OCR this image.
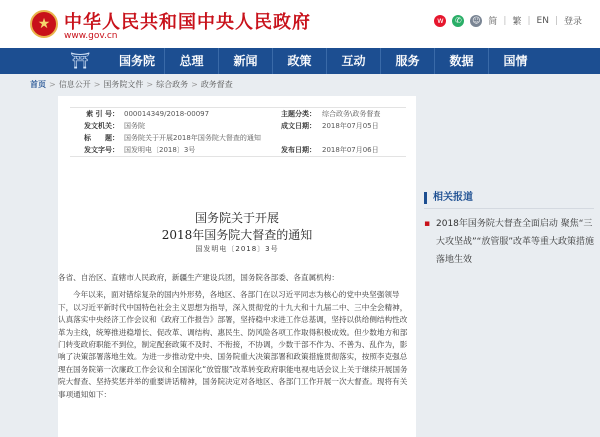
★ 中华人民共和国中央人民政府
www.gov.cn
w	✆	☺ 简 | 繁 | EN | 登录
⛩	国务院	总理	新闻	政策	互动	服务	数据	国情
首页 > 信息公开 > 国务院文件 > 综合政务 > 政务督查
索 引 号： 000014349/2018-00097	主题分类： 综合政务\政务督查
发文机关： 国务院	成文日期： 2018年07月05日
标　　题： 国务院关于开展2018年国务院大督查的通知
发文字号： 国发明电〔2018〕3号	发布日期： 2018年07月06日
国务院关于开展
2018年国务院大督查的通知
国发明电〔2018〕3号

各省、自治区、直辖市人民政府，新疆生产建设兵团，国务院各部委、各直属机构：

今年以来，面对错综复杂的国内外形势，各地区、各部门在以习近平同志为核心的党中央坚强领导下，以习近平新时代中国特色社会主义思想为指导，深入贯彻党的十九大和十九届二中、三中全会精神，认真落实中央经济工作会议和《政府工作报告》部署，坚持稳中求进工作总基调，坚持以供给侧结构性改革为主线，统筹推进稳增长、促改革、调结构、惠民生、防风险各项工作取得积极成效。但少数地方和部门转变政府职能不到位，制定配套政策不及时、不衔接，不协调，少数干部不作为、不善为、乱作为，影响了决策部署落地生效。为进一步推动党中央、国务院重大决策部署和政策措施贯彻落实，按照李克强总理在国务院第一次廉政工作会议和全国深化“放管服”改革转变政府职能电视电话会议上关于继续开展国务院大督查、坚持奖惩并举的重要讲话精神，国务院决定对各地区、各部门工作开展一次大督查。现将有关事项通知如下：

相关报道
▪ 2018年国务院大督查全面启动 聚焦“三大攻坚战”“放管服”改革等重大政策措施落地生效
